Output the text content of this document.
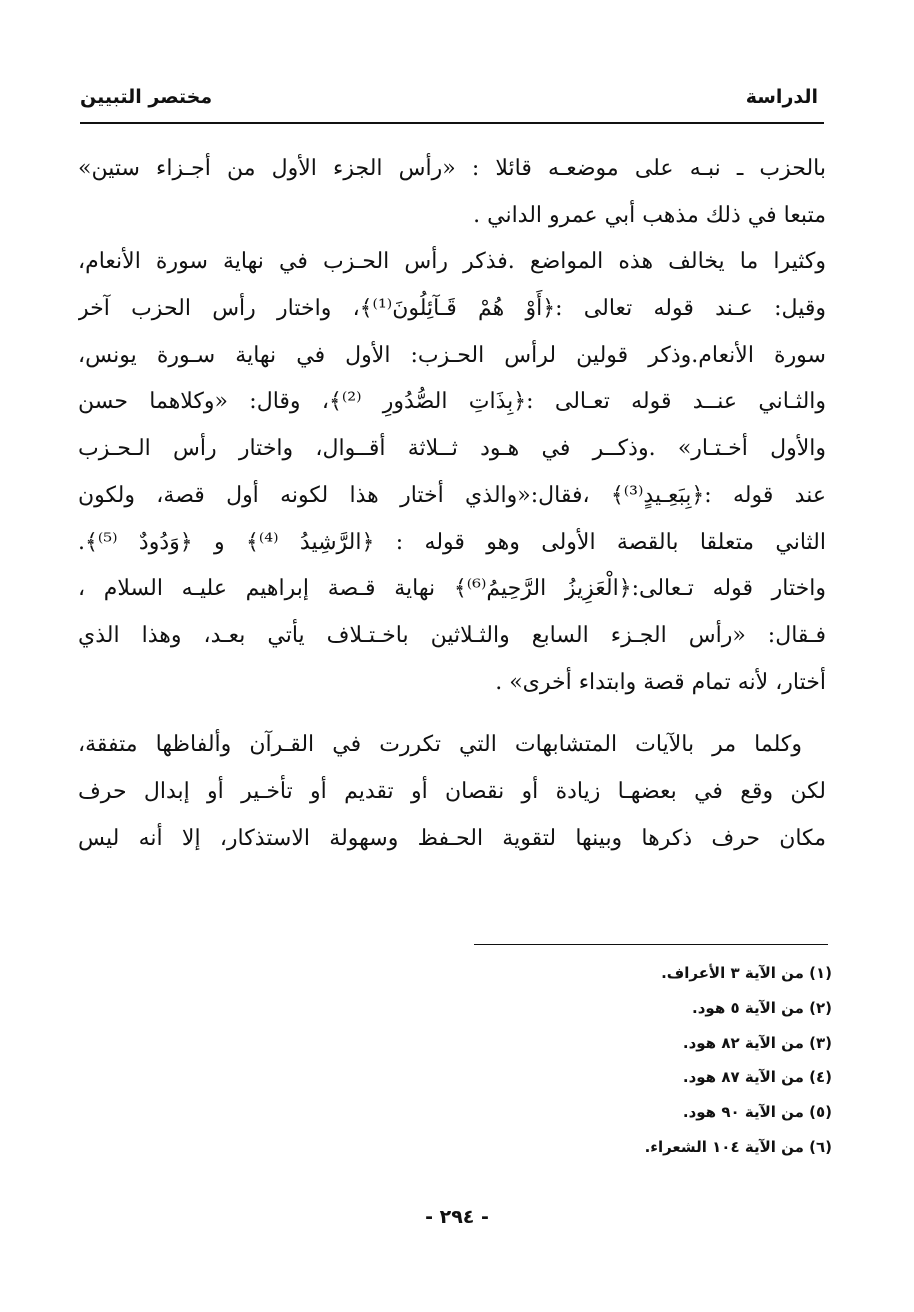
الدراسة
مختصر التبيين
بالحزب ـ نبـه على موضعـه قائلا : «رأس الجزء الأول من أجـزاء ستين»
متبعا في ذلك مذهب أبي عمرو الداني .
وكثيرا ما يخالف هذه المواضع .فذكر رأس الحـزب في نهاية سورة الأنعام،
وقيل: عـند قوله تعالى :﴿أَوْ هُمْ قَـآئِلُونَ⁽¹⁾﴾، واختار رأس الحزب آخر
سورة الأنعام.وذكر قولين لرأس الحـزب: الأول في نهاية سـورة يونس،
والثـاني عنــد قوله تعـالى :﴿بِذَاتِ الصُّدُورِ ⁽²⁾﴾، وقال: «وكلاهما حسن
والأول أخـتـار» .وذكــر في هـود ثــلاثة أقــوال، واختار رأس الـحـزب
عند قوله :﴿بِبَعِـيدٍ⁽³⁾﴾ ،فقال:«والذي أختار هذا لكونه أول قصة، ولكون
الثاني متعلقا بالقصة الأولى وهو قوله : ﴿الرَّشِيدُ ⁽⁴⁾﴾ و ﴿وَدُودٌ ⁽⁵⁾﴾.
واختار قوله تـعالى:﴿الْعَزِيزُ الرَّحِيمُ⁽⁶⁾﴾ نهاية قـصة إبراهيم عليـه السلام ،
فـقال: «رأس الجـزء السابع والثـلاثين باخـتـلاف يأتي بعـد، وهذا الذي
أختار، لأنه تمام قصة وابتداء أخرى» .
وكلما مر بالآيات المتشابهات التي تكررت في القـرآن وألفاظها متفقة،
لكن وقع في بعضهـا زيادة أو نقصان أو تقديم أو تأخـير أو إبدال حرف
مكان حرف ذكرها وبينها لتقوية الحـفظ وسهولة الاستذكار، إلا أنه ليس
(١) من الآية ٣ الأعراف.
(٢) من الآية ٥ هود.
(٣) من الآية ٨٢ هود.
(٤) من الآية ٨٧ هود.
(٥) من الآية ٩٠ هود.
(٦) من الآية ١٠٤ الشعراء.
- ٢٩٤ -
